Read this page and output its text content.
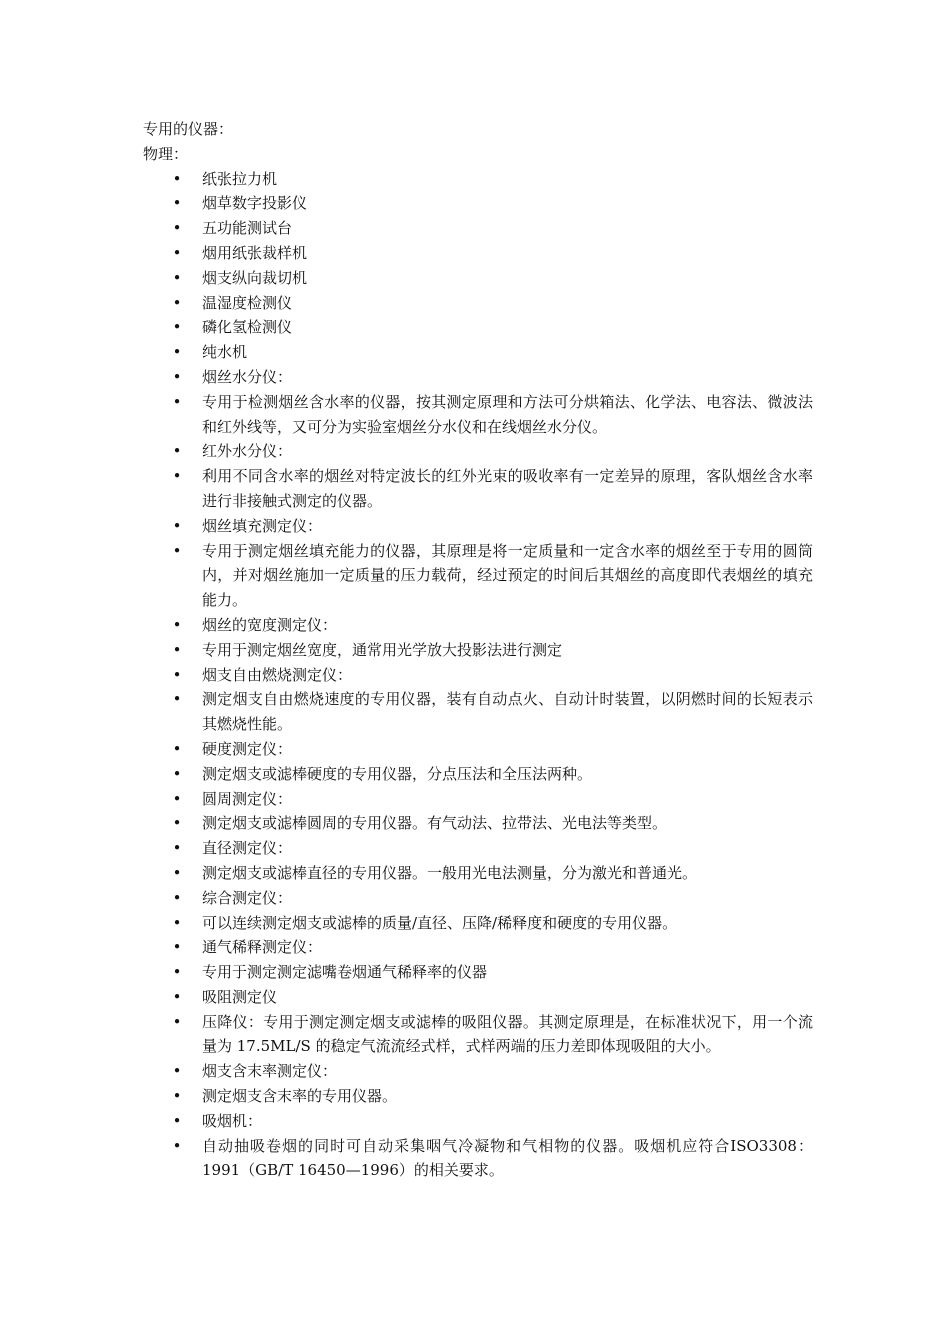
专用的仪器：
物理：
• 纸张拉力机
• 烟草数字投影仪
• 五功能测试台
• 烟用纸张裁样机
• 烟支纵向裁切机
• 温湿度检测仪
• 磷化氢检测仪
• 纯水机
• 烟丝水分仪：
• 专用于检测烟丝含水率的仪器，按其测定原理和方法可分烘箱法、化学法、电容法、微波法和红外线等，又可分为实验室烟丝分水仪和在线烟丝水分仪。
• 红外水分仪：
• 利用不同含水率的烟丝对特定波长的红外光束的吸收率有一定差异的原理，客队烟丝含水率进行非接触式测定的仪器。
• 烟丝填充测定仪：
• 专用于测定烟丝填充能力的仪器，其原理是将一定质量和一定含水率的烟丝至于专用的圆筒内，并对烟丝施加一定质量的压力载荷，经过预定的时间后其烟丝的高度即代表烟丝的填充能力。
• 烟丝的宽度测定仪：
• 专用于测定烟丝宽度，通常用光学放大投影法进行测定
• 烟支自由燃烧测定仪：
• 测定烟支自由燃烧速度的专用仪器，装有自动点火、自动计时装置，以阴燃时间的长短表示其燃烧性能。
• 硬度测定仪：
• 测定烟支或滤棒硬度的专用仪器，分点压法和全压法两种。
• 圆周测定仪：
• 测定烟支或滤棒圆周的专用仪器。有气动法、拉带法、光电法等类型。
• 直径测定仪：
• 测定烟支或滤棒直径的专用仪器。一般用光电法测量，分为激光和普通光。
• 综合测定仪：
• 可以连续测定烟支或滤棒的质量/直径、压降/稀释度和硬度的专用仪器。
• 通气稀释测定仪：
• 专用于测定测定滤嘴卷烟通气稀释率的仪器
• 吸阻测定仪
• 压降仪：专用于测定测定烟支或滤棒的吸阻仪器。其测定原理是，在标准状况下，用一个流量为 17.5ML/S 的稳定气流流经式样，式样两端的压力差即体现吸阻的大小。
• 烟支含末率测定仪：
• 测定烟支含末率的专用仪器。
• 吸烟机：
• 自动抽吸卷烟的同时可自动采集咽气冷凝物和气相物的仪器。吸烟机应符合ISO3308：1991（GB/T 16450—1996）的相关要求。
